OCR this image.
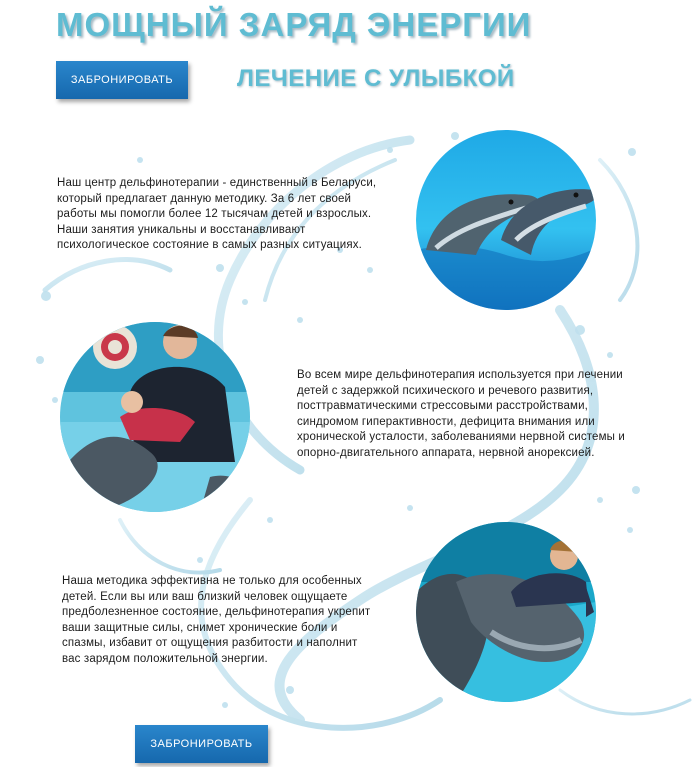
МОЩНЫЙ ЗАРЯД ЭНЕРГИИ
ЗАБРОНИРОВАТЬ	ЛЕЧЕНИЕ С УЛЫБКОЙ
Наш центр дельфинотерапии - единственный в Беларуси, который предлагает данную методику. За 6 лет своей работы мы помогли более 12 тысячам детей и взрослых. Наши занятия уникальны и восстанавливают психологическое состояние в самых разных ситуациях.
Во всем мире дельфинотерапия используется при лечении детей с задержкой психического и речевого развития, посттравматическими стрессовыми расстройствами, синдромом гиперактивности, дефицита внимания или хронической усталости, заболеваниями нервной системы и опорно-двигательного аппарата, нервной анорексией.
Наша методика эффективна не только для особенных детей. Если вы или ваш близкий человек ощущаете предболезненное состояние, дельфинотерапия укрепит ваши защитные силы, снимет хронические боли и спазмы, избавит от ощущения разбитости и наполнит вас зарядом положительной энергии.
ЗАБРОНИРОВАТЬ
